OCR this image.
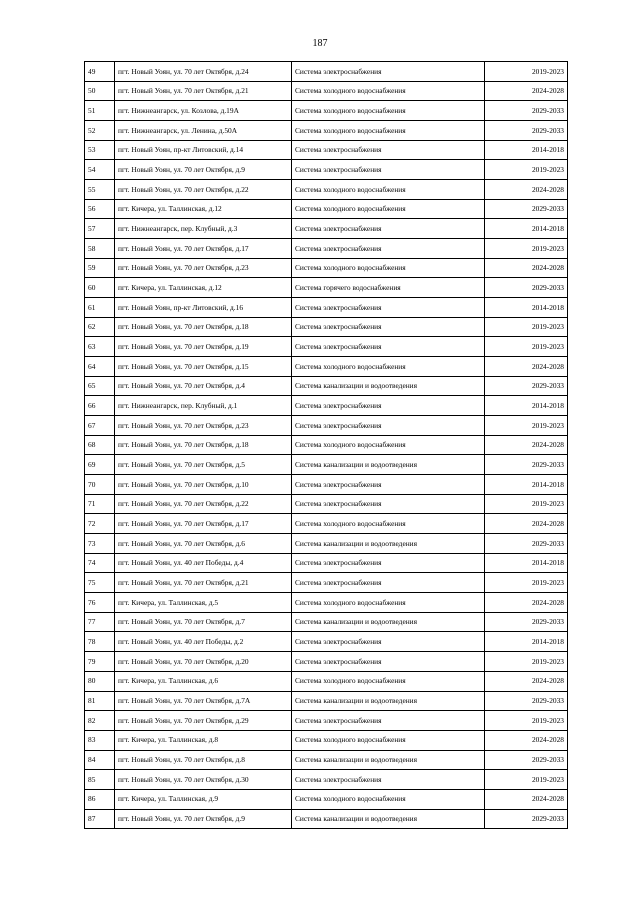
187
49	пгт. Новый Уоян, ул. 70 лет Октября, д.24	Система электроснабжения	2019-2023
50	пгт. Новый Уоян, ул. 70 лет Октября, д.21	Система холодного водоснабжения	2024-2028
51	пгт. Нижнеангарск, ул. Козлова, д.19А	Система холодного водоснабжения	2029-2033
52	пгт. Нижнеангарск, ул. Ленина, д.50А	Система холодного водоснабжения	2029-2033
53	пгт. Новый Уоян, пр-кт Литовский, д.14	Система электроснабжения	2014-2018
54	пгт. Новый Уоян, ул. 70 лет Октября, д.9	Система электроснабжения	2019-2023
55	пгт. Новый Уоян, ул. 70 лет Октября, д.22	Система холодного водоснабжения	2024-2028
56	пгт. Кичера, ул. Таллинская, д.12	Система холодного водоснабжения	2029-2033
57	пгт. Нижнеангарск, пер. Клубный, д.3	Система электроснабжения	2014-2018
58	пгт. Новый Уоян, ул. 70 лет Октября, д.17	Система электроснабжения	2019-2023
59	пгт. Новый Уоян, ул. 70 лет Октября, д.23	Система холодного водоснабжения	2024-2028
60	пгт. Кичера, ул. Таллинская, д.12	Система горячего водоснабжения	2029-2033
61	пгт. Новый Уоян, пр-кт Литовский, д.16	Система электроснабжения	2014-2018
62	пгт. Новый Уоян, ул. 70 лет Октября, д.18	Система электроснабжения	2019-2023
63	пгт. Новый Уоян, ул. 70 лет Октября, д.19	Система электроснабжения	2019-2023
64	пгт. Новый Уоян, ул. 70 лет Октября, д.15	Система холодного водоснабжения	2024-2028
65	пгт. Новый Уоян, ул. 70 лет Октября, д.4	Система канализации и водоотведения	2029-2033
66	пгт. Нижнеангарск, пер. Клубный, д.1	Система электроснабжения	2014-2018
67	пгт. Новый Уоян, ул. 70 лет Октября, д.23	Система электроснабжения	2019-2023
68	пгт. Новый Уоян, ул. 70 лет Октября, д.18	Система холодного водоснабжения	2024-2028
69	пгт. Новый Уоян, ул. 70 лет Октября, д.5	Система канализации и водоотведения	2029-2033
70	пгт. Новый Уоян, ул. 70 лет Октября, д.10	Система электроснабжения	2014-2018
71	пгт. Новый Уоян, ул. 70 лет Октября, д.22	Система электроснабжения	2019-2023
72	пгт. Новый Уоян, ул. 70 лет Октября, д.17	Система холодного водоснабжения	2024-2028
73	пгт. Новый Уоян, ул. 70 лет Октября, д.6	Система канализации и водоотведения	2029-2033
74	пгт. Новый Уоян, ул. 40 лет Победы, д.4	Система электроснабжения	2014-2018
75	пгт. Новый Уоян, ул. 70 лет Октября, д.21	Система электроснабжения	2019-2023
76	пгт. Кичера, ул. Таллинская, д.5	Система холодного водоснабжения	2024-2028
77	пгт. Новый Уоян, ул. 70 лет Октября, д.7	Система канализации и водоотведения	2029-2033
78	пгт. Новый Уоян, ул. 40 лет Победы, д.2	Система электроснабжения	2014-2018
79	пгт. Новый Уоян, ул. 70 лет Октября, д.20	Система электроснабжения	2019-2023
80	пгт. Кичера, ул. Таллинская, д.6	Система холодного водоснабжения	2024-2028
81	пгт. Новый Уоян, ул. 70 лет Октября, д.7А	Система канализации и водоотведения	2029-2033
82	пгт. Новый Уоян, ул. 70 лет Октября, д.29	Система электроснабжения	2019-2023
83	пгт. Кичера, ул. Таллинская, д.8	Система холодного водоснабжения	2024-2028
84	пгт. Новый Уоян, ул. 70 лет Октября, д.8	Система канализации и водоотведения	2029-2033
85	пгт. Новый Уоян, ул. 70 лет Октября, д.30	Система электроснабжения	2019-2023
86	пгт. Кичера, ул. Таллинская, д.9	Система холодного водоснабжения	2024-2028
87	пгт. Новый Уоян, ул. 70 лет Октября, д.9	Система канализации и водоотведения	2029-2033
